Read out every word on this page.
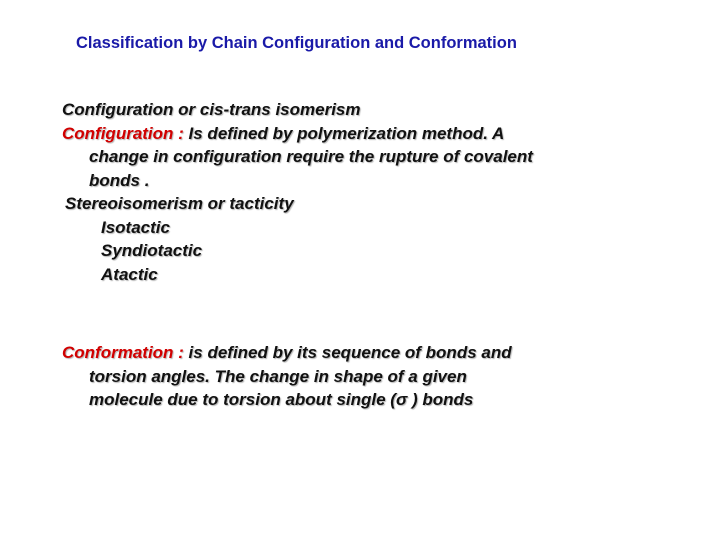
Classification by Chain Configuration and Conformation
Configuration or cis-trans isomerism
Configuration : Is defined by polymerization method. A
change in configuration require the rupture of covalent
bonds .
Stereoisomerism or tacticity
Isotactic
Syndiotactic
Atactic
Conformation : is defined by its sequence of bonds and
torsion angles. The change in shape of a given
molecule due to torsion about single (σ ) bonds
